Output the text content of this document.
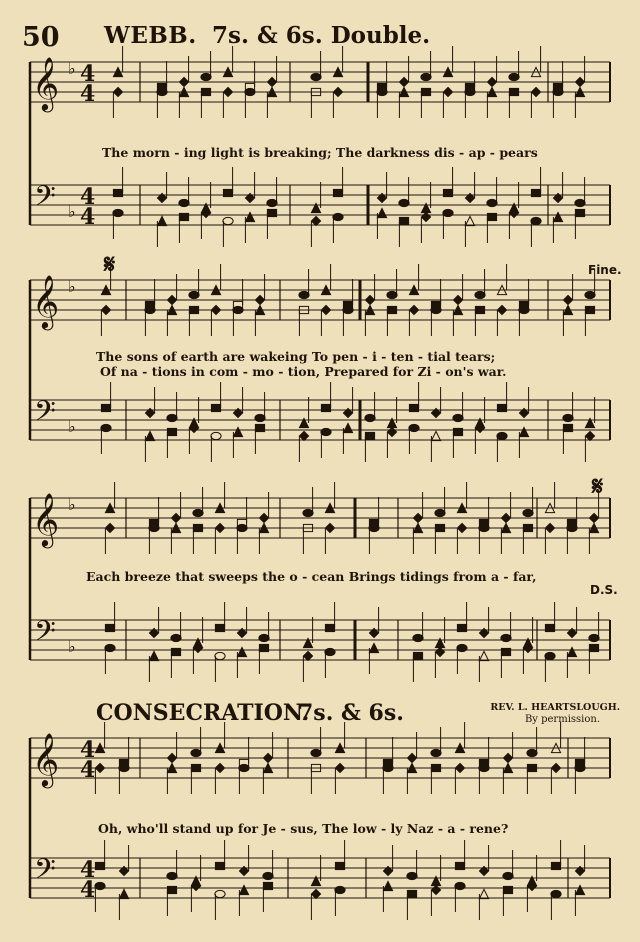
50 WEBB. 7s. & 6s. Double.
𝄞
𝄢
♭
♭
4
4
4
4
𝄞
𝄢
♭
♭
𝄞
𝄢
♭
♭
𝄞
𝄢
4
4
4
4
The morn - ing light is breaking; The darkness dis - ap - pears
The sons of earth are wakeing To pen - i - ten - tial tears;
Of na - tions in com - mo - tion, Prepared for Zi - on's war.
Each breeze that sweeps the o - cean Brings tidings from a - far,
Fine.
D.S.
𝄋
𝄋
CONSECRATION.
7s. & 6s.	REV. L. HEARTSLOUGH.
By permission.
Oh, who'll stand up for Je - sus, The low - ly Naz - a - rene?
